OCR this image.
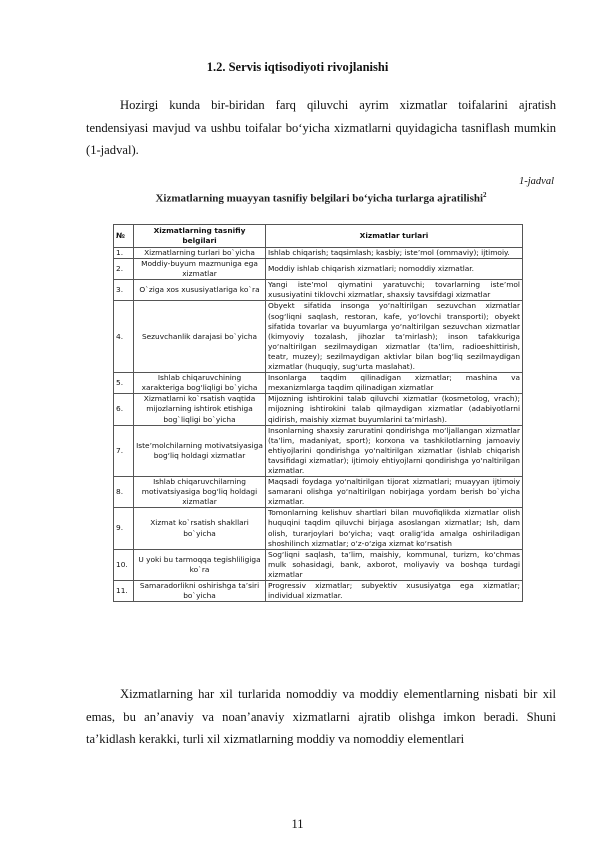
1.2. Servis iqtisodiyoti rivojlanishi
Hozirgi kunda bir-biridan farq qiluvchi ayrim xizmatlar toifalarini ajratish tendensiyasi mavjud va ushbu toifalar bo‘yicha xizmatlarni quyidagicha tasniflash mumkin (1-jadval).
1-jadval
Xizmatlarning muayyan tasnifiy belgilari bo‘yicha turlarga ajratilishi$^2$
№	Xizmatlarning tasnifiy belgilari	Xizmatlar turlari
1.	Xizmatlarning turlari bo`yicha	Ishlab chiqarish; taqsimlash; kasbiy; iste’mol (ommaviy); ijtimoiy.
2.	Moddiy-buyum mazmuniga ega xizmatlar	Moddiy ishlab chiqarish xizmatlari; nomoddiy xizmatlar.
3.	O`ziga xos xususiyatlariga ko`ra	Yangi iste’mol qiymatini yaratuvchi; tovarlarning iste’mol xususiyatini tiklovchi xizmatlar, shaxsiy tavsifdagi xizmatlar
4.	Sezuvchanlik darajasi bo`yicha	Obyekt sifatida insonga yo‘naltirilgan sezuvchan xizmatlar (sog‘liqni saqlash, restoran, kafe, yo‘lovchi transporti); obyekt sifatida tovarlar va buyumlarga yo‘naltirilgan sezuvchan xizmatlar (kimyoviy tozalash, jihozlar ta’mirlash); inson tafakkuriga yo‘naltirilgan sezilmaydigan xizmatlar (ta’lim, radioeshittirish, teatr, muzey); sezilmaydigan aktivlar bilan bog‘liq sezilmaydigan xizmatlar (huquqiy, sug‘urta maslahat).
5.	Ishlab chiqaruvchining xarakteriga bog‘liqligi bo`yicha	Insonlarga taqdim qilinadigan xizmatlar; mashina va mexanizmlarga taqdim qilinadigan xizmatlar
6.	Xizmatlarni ko`rsatish vaqtida mijozlarning ishtirok etishiga bog`liqligi bo`yicha	Mijozning ishtirokini talab qiluvchi xizmatlar (kosmetolog, vrach); mijozning ishtirokini talab qilmaydigan xizmatlar (adabiyotlarni qidirish, maishiy xizmat buyumlarini ta’mirlash).
7.	Iste’molchilarning motivatsiyasiga bog‘liq holdagi xizmatlar	Insonlarning shaxsiy zaruratini qondirishga mo‘ljallangan xizmatlar (ta’lim, madaniyat, sport); korxona va tashkilotlarning jamoaviy ehtiyojlarini qondirishga yo‘naltirilgan xizmatlar (ishlab chiqarish tavsifidagi xizmatlar); ijtimoiy ehtiyojlarni qondirishga yo‘naltirilgan xizmatlar.
8.	Ishlab chiqaruvchilarning motivatsiyasiga bog‘liq holdagi xizmatlar	Maqsadi foydaga yo‘naltirilgan tijorat xizmatlari; muayyan ijtimoiy samarani olishga yo‘naltirilgan nobirjaga yordam berish bo`yicha xizmatlar.
9.	Xizmat ko`rsatish shakllari bo`yicha	Tomonlarning kelishuv shartlari bilan muvofiqlikda xizmatlar olish huquqini taqdim qiluvchi birjaga asoslangan xizmatlar; Ish, dam olish, turarjoylari bo‘yicha; vaqt oralig‘ida amalga oshiriladigan shoshilinch xizmatlar; o‘z-o‘ziga xizmat ko‘rsatish
10.	U yoki bu tarmoqqa tegishliligiga ko`ra	Sog‘liqni saqlash, ta’lim, maishiy, kommunal, turizm, ko‘chmas mulk sohasidagi, bank, axborot, moliyaviy va boshqa turdagi xizmatlar
11.	Samaradorlikni oshirishga ta’siri bo`yicha	Progressiv xizmatlar; subyektiv xususiyatga ega xizmatlar; individual xizmatlar.
Xizmatlarning har xil turlarida nomoddiy va moddiy elementlarning nisbati bir xil emas, bu an’anaviy va noan’anaviy xizmatlarni ajratib olishga imkon beradi. Shuni ta’kidlash kerakki, turli xil xizmatlarning moddiy va nomoddiy elementlari
11
